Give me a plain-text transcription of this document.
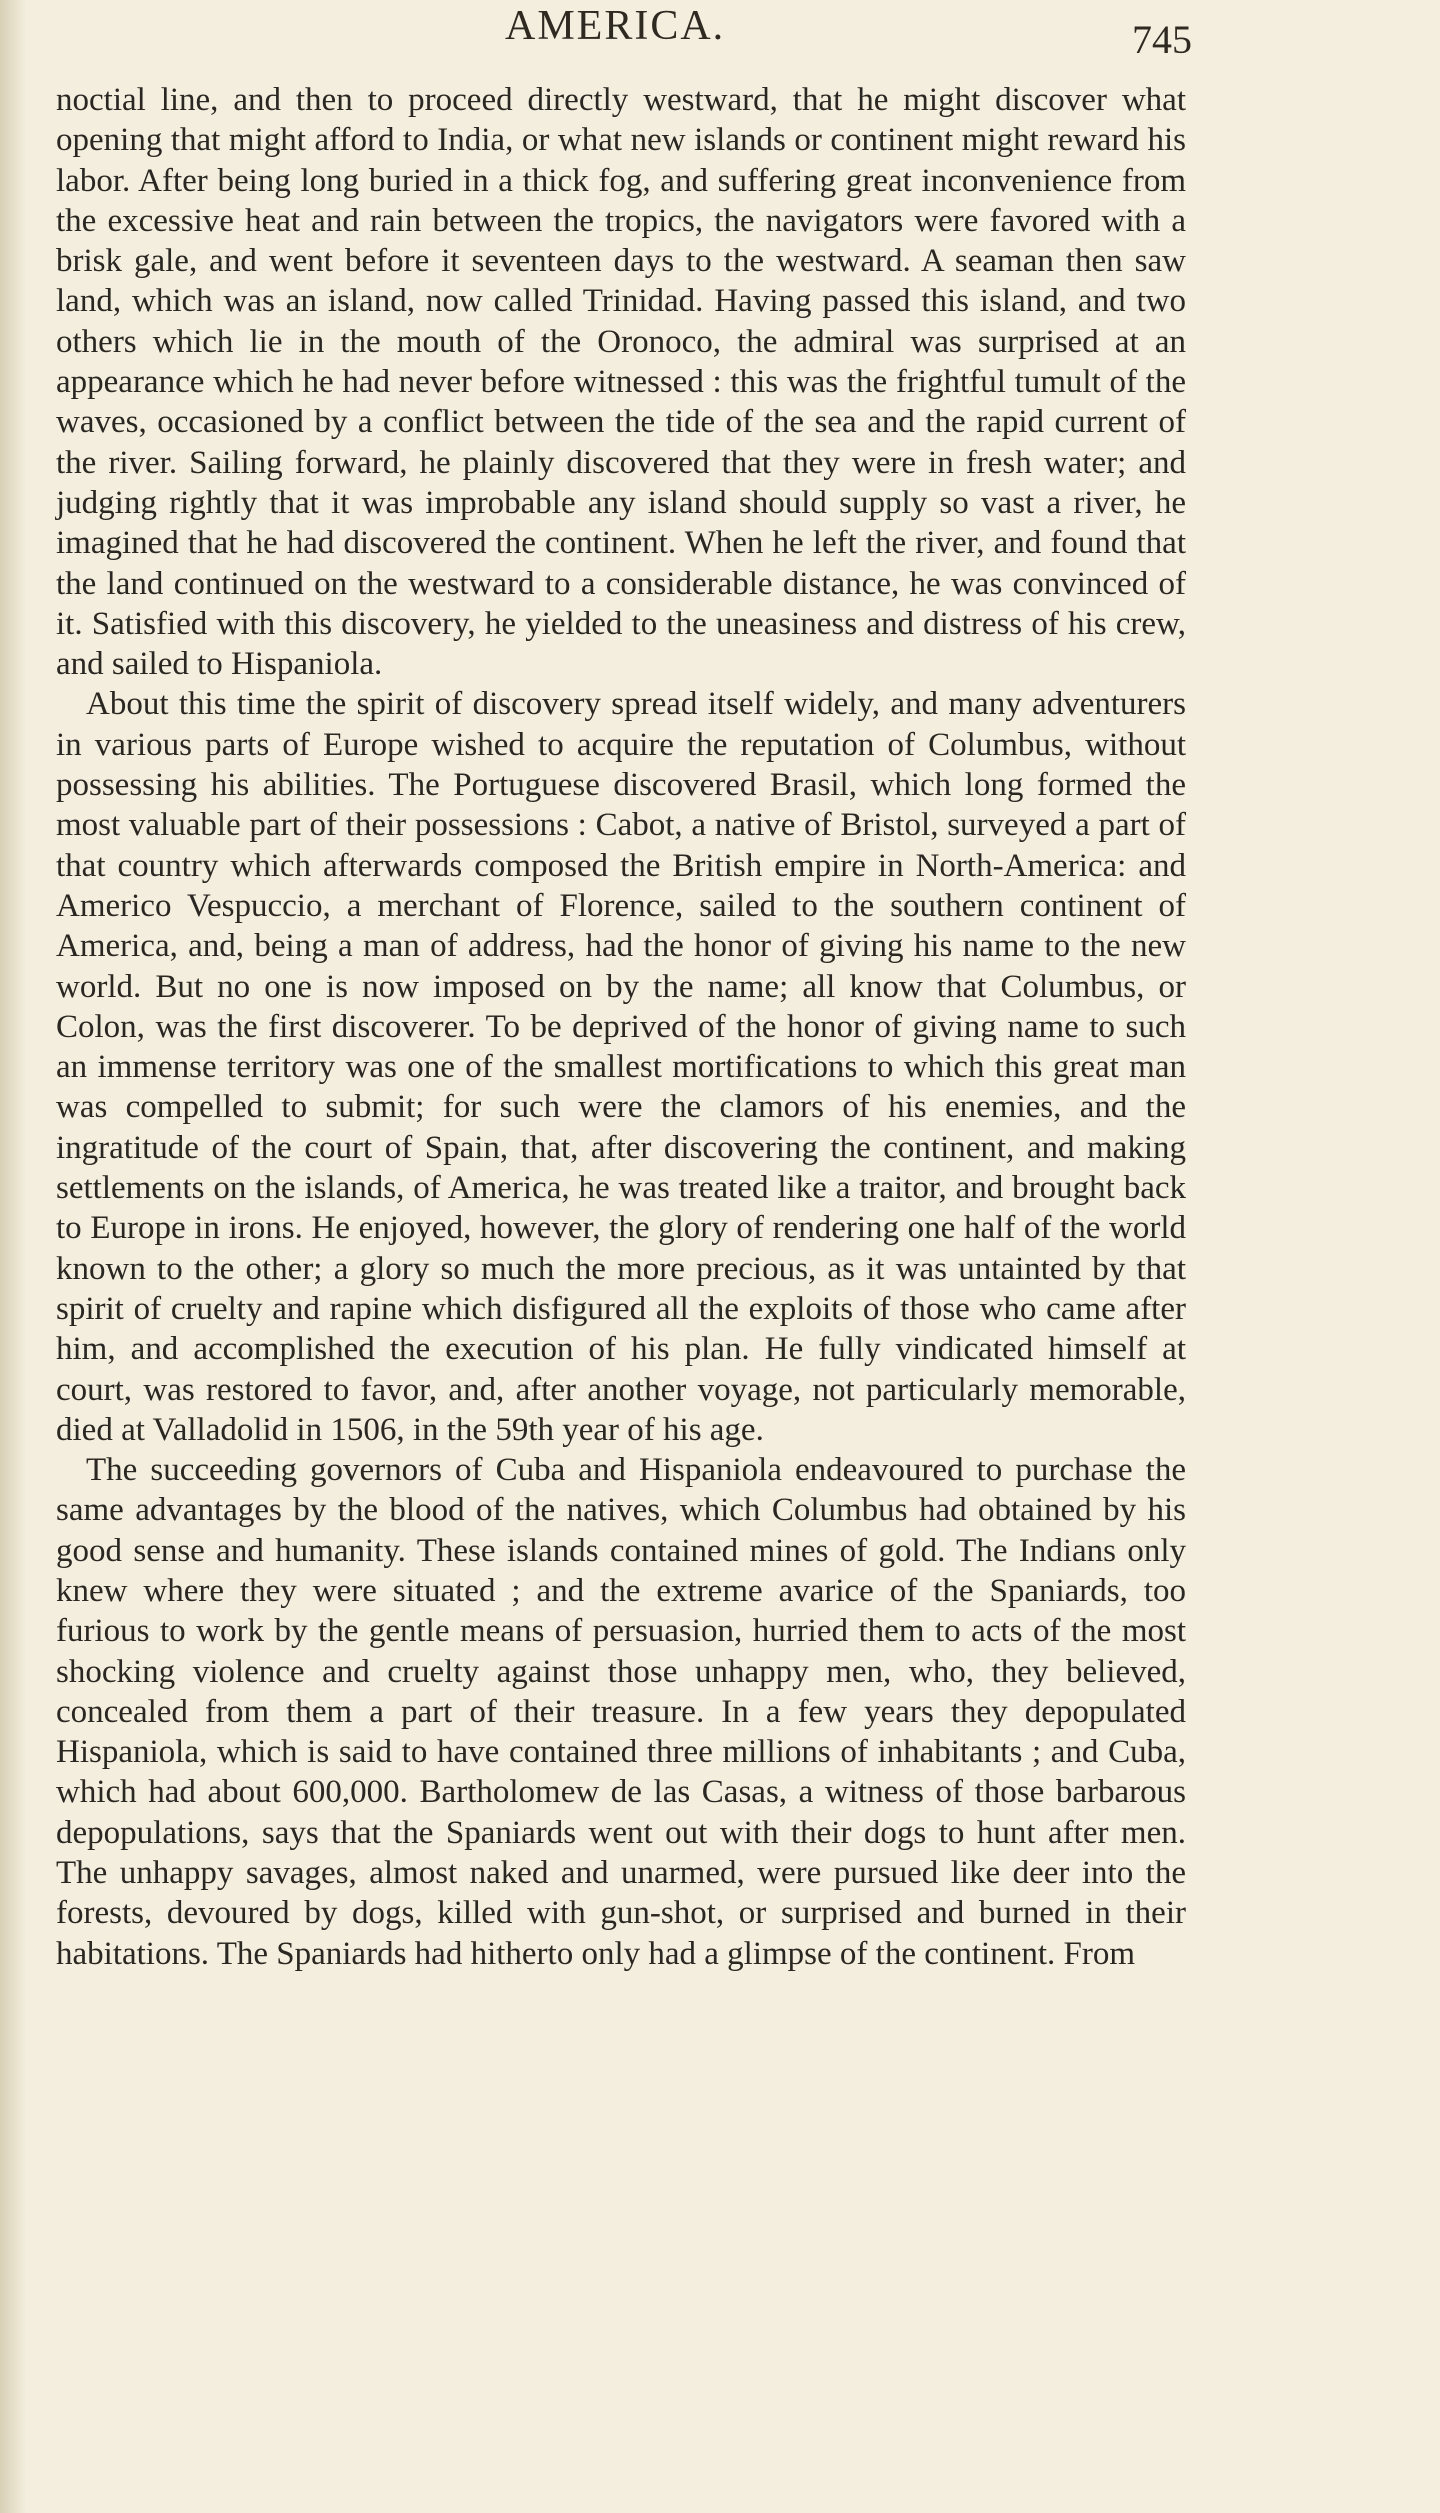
AMERICA.	745

noctial line, and then to proceed directly westward, that he might discover what opening that might afford to India, or what new islands or continent might reward his labor. After being long buried in a thick fog, and suffering great inconvenience from the excessive heat and rain between the tropics, the navigators were favored with a brisk gale, and went before it seventeen days to the westward. A seaman then saw land, which was an island, now called Trinidad. Having passed this island, and two others which lie in the mouth of the Oronoco, the admiral was surprised at an appearance which he had never before witnessed : this was the frightful tumult of the waves, occasioned by a conflict between the tide of the sea and the rapid current of the river. Sailing forward, he plainly discovered that they were in fresh water; and judging rightly that it was improbable any island should supply so vast a river, he imagined that he had discovered the continent. When he left the river, and found that the land continued on the westward to a considerable distance, he was convinced of it. Satisfied with this discovery, he yielded to the uneasiness and distress of his crew, and sailed to Hispaniola.

About this time the spirit of discovery spread itself widely, and many adventurers in various parts of Europe wished to acquire the reputation of Columbus, without possessing his abilities. The Portuguese discovered Brasil, which long formed the most valuable part of their possessions : Cabot, a native of Bristol, surveyed a part of that country which afterwards composed the British empire in North-America: and Americo Vespuccio, a merchant of Florence, sailed to the southern continent of America, and, being a man of address, had the honor of giving his name to the new world. But no one is now imposed on by the name; all know that Columbus, or Colon, was the first discoverer. To be deprived of the honor of giving name to such an immense territory was one of the smallest mortifications to which this great man was compelled to submit; for such were the clamors of his enemies, and the ingratitude of the court of Spain, that, after discovering the continent, and making settlements on the islands, of America, he was treated like a traitor, and brought back to Europe in irons. He enjoyed, however, the glory of rendering one half of the world known to the other; a glory so much the more precious, as it was untainted by that spirit of cruelty and rapine which disfigured all the exploits of those who came after him, and accomplished the execution of his plan. He fully vindicated himself at court, was restored to favor, and, after another voyage, not particularly memorable, died at Valladolid in 1506, in the 59th year of his age.

The succeeding governors of Cuba and Hispaniola endeavoured to purchase the same advantages by the blood of the natives, which Columbus had obtained by his good sense and humanity. These islands contained mines of gold. The Indians only knew where they were situated ; and the extreme avarice of the Spaniards, too furious to work by the gentle means of persuasion, hurried them to acts of the most shocking violence and cruelty against those unhappy men, who, they believed, concealed from them a part of their treasure. In a few years they depopulated Hispaniola, which is said to have contained three millions of inhabitants ; and Cuba, which had about 600,000. Bartholomew de las Casas, a witness of those barbarous depopulations, says that the Spaniards went out with their dogs to hunt after men. The unhappy savages, almost naked and unarmed, were pursued like deer into the forests, devoured by dogs, killed with gun-shot, or surprised and burned in their habitations. The Spaniards had hitherto only had a glimpse of the continent. From
